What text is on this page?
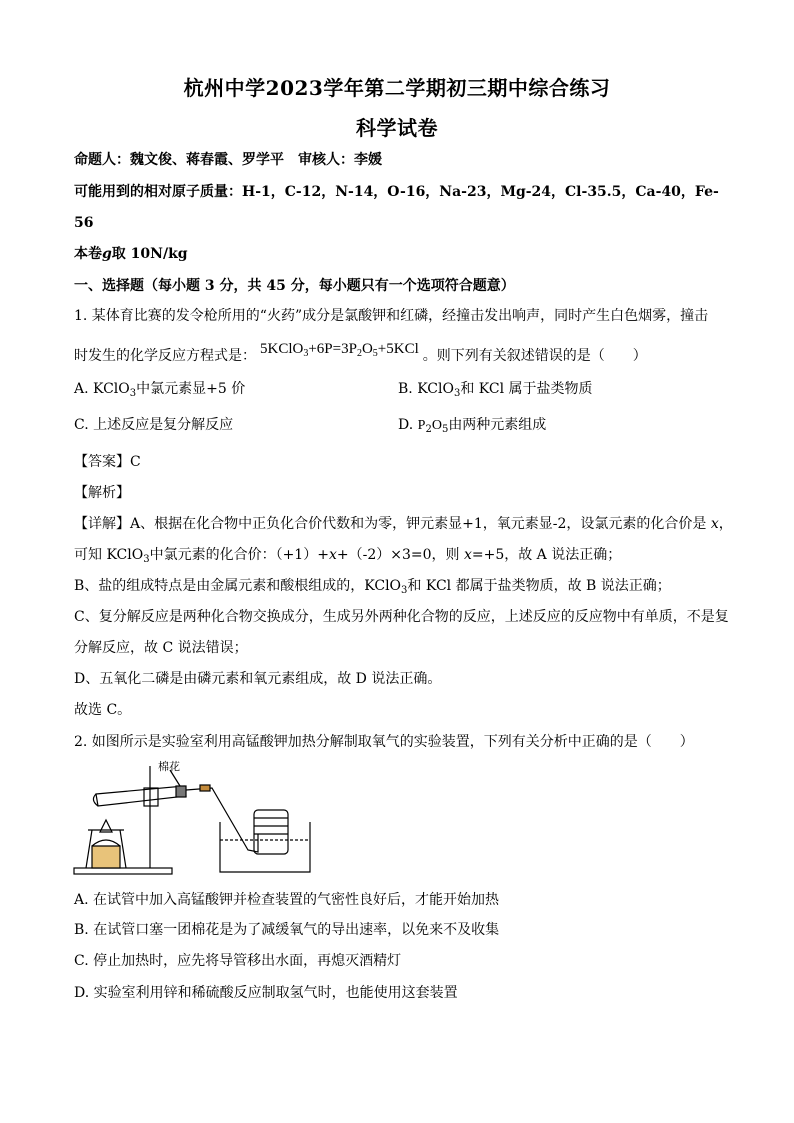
杭州中学2023学年第二学期初三期中综合练习
科学试卷
命题人：魏文俊、蒋春霞、罗学平　审核人：李媛
可能用到的相对原子质量：H-1，C-12，N-14，O-16，Na-23，Mg-24，Cl-35.5，Ca-40，Fe-
56
本卷g取 10N/kg
一、选择题（每小题 3 分，共 45 分，每小题只有一个选项符合题意）
1. 某体育比赛的发令枪所用的“火药”成分是氯酸钾和红磷，经撞击发出响声，同时产生白色烟雾，撞击
时发生的化学反应方程式是： $5KClO_3+6P=3P_2O_5+5KCl$ 。则下列有关叙述错误的是（　　）
A. KClO$_3$中氯元素显+5 价	B. KClO$_3$和 KCl 属于盐类物质
C. 上述反应是复分解反应	D. $P_2O_5$由两种元素组成
【答案】C
【解析】
【详解】A、根据在化合物中正负化合价代数和为零，钾元素显+1，氧元素显-2，设氯元素的化合价是 x，
可知 KClO$_3$中氯元素的化合价：（+1）+x+（-2）×3=0，则 x=+5，故 A 说法正确；
B、盐的组成特点是由金属元素和酸根组成的，KClO$_3$和 KCl 都属于盐类物质，故 B 说法正确；
C、复分解反应是两种化合物交换成分，生成另外两种化合物的反应，上述反应的反应物中有单质，不是复
分解反应，故 C 说法错误；
D、五氧化二磷是由磷元素和氧元素组成，故 D 说法正确。
故选 C。
2. 如图所示是实验室利用高锰酸钾加热分解制取氧气的实验装置，下列有关分析中正确的是（　　）
棉花
A. 在试管中加入高锰酸钾并检查装置的气密性良好后，才能开始加热
B. 在试管口塞一团棉花是为了减缓氧气的导出速率，以免来不及收集
C. 停止加热时，应先将导管移出水面，再熄灭酒精灯
D. 实验室利用锌和稀硫酸反应制取氢气时，也能使用这套装置
